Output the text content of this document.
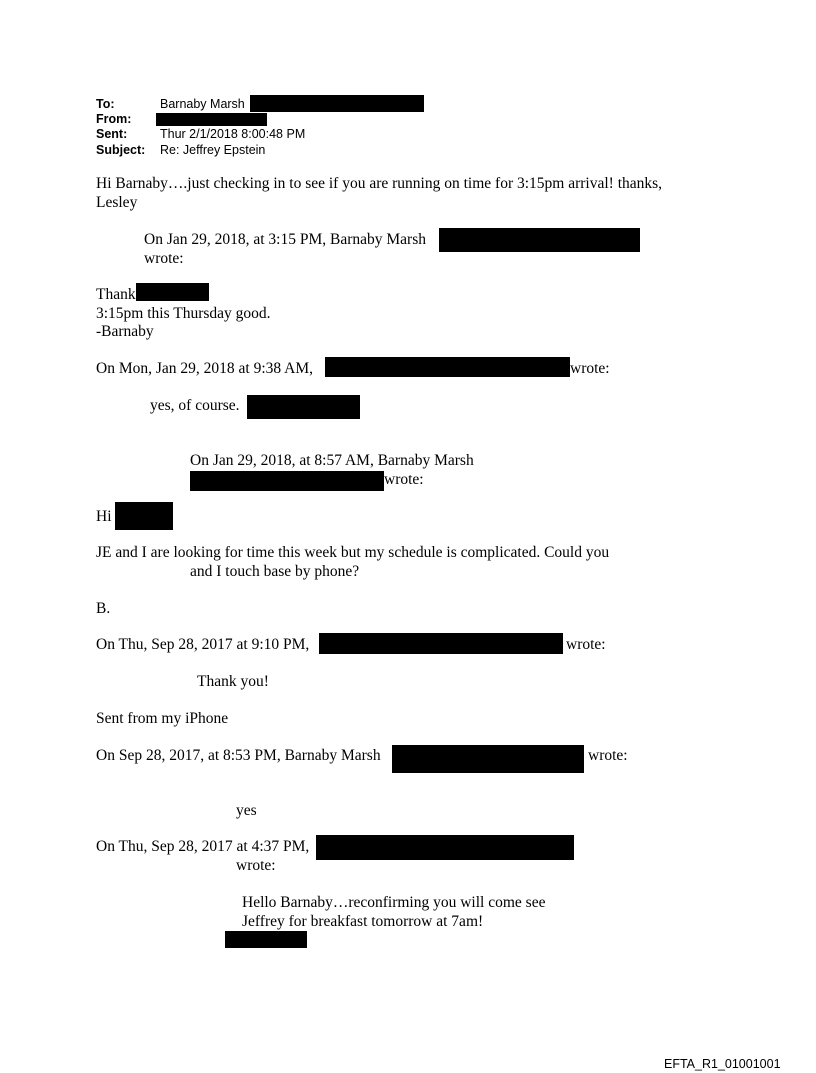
To:	Barnaby Marsh
From:
Sent:	Thur 2/1/2018 8:00:48 PM
Subject: Re: Jeffrey Epstein
Hi Barnaby….just checking in to see if you are running on time for 3:15pm arrival! thanks,
Lesley
On Jan 29, 2018, at 3:15 PM, Barnaby Marsh
wrote:
Thank
3:15pm this Thursday good.
-Barnaby
On Mon, Jan 29, 2018 at 9:38 AM,	wrote:
yes, of course.
On Jan 29, 2018, at 8:57 AM, Barnaby Marsh
wrote:
Hi
JE and I are looking for time this week but my schedule is complicated. Could you
and I touch base by phone?
B.
On Thu, Sep 28, 2017 at 9:10 PM,	wrote:
Thank you!
Sent from my iPhone
On Sep 28, 2017, at 8:53 PM, Barnaby Marsh	wrote:
yes
On Thu, Sep 28, 2017 at 4:37 PM,
wrote:
Hello Barnaby…reconfirming you will come see
Jeffrey for breakfast tomorrow at 7am!
EFTA_R1_01001001
